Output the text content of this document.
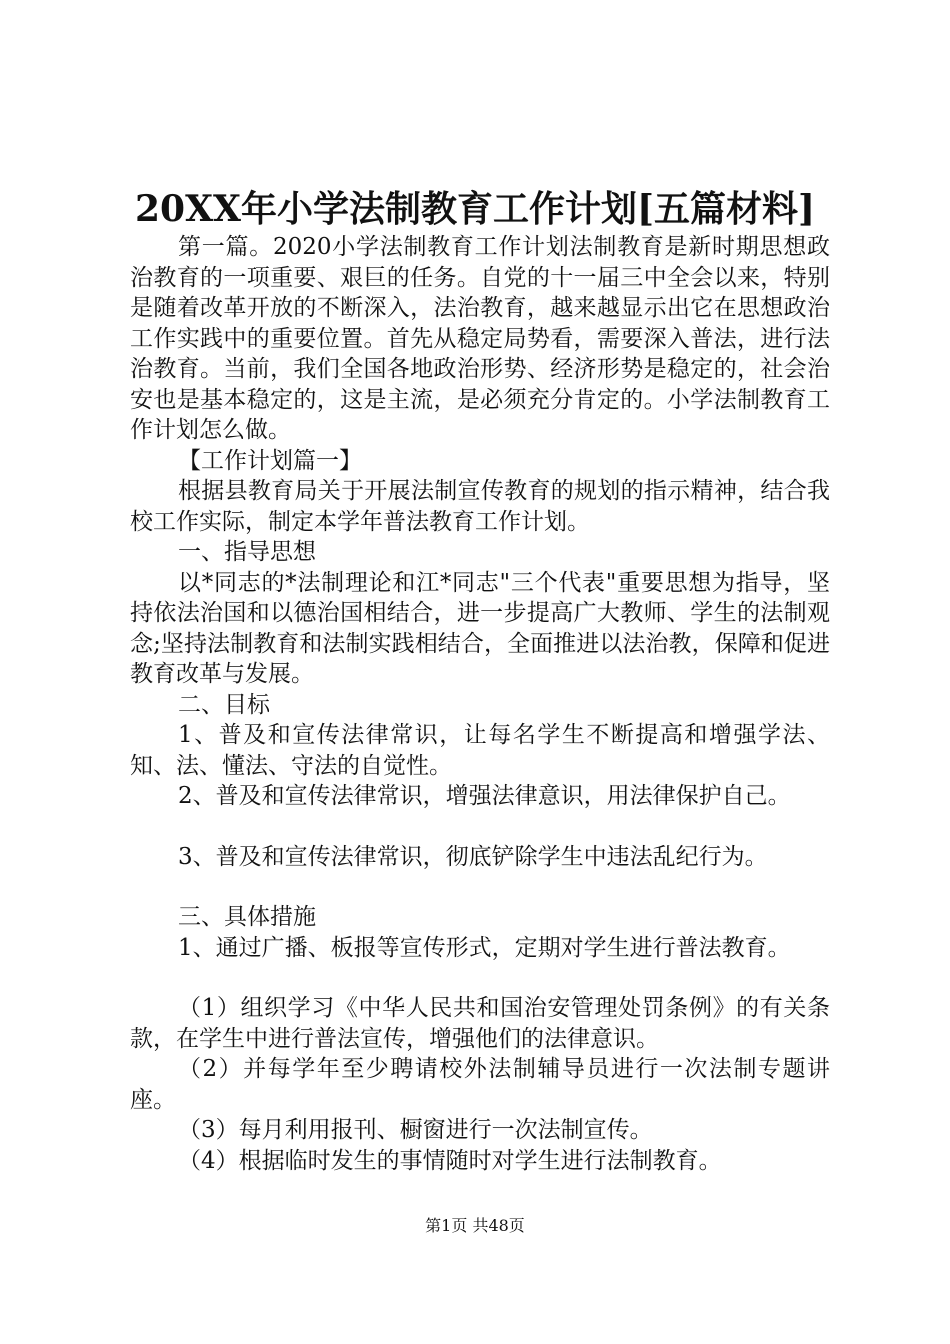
20XX年小学法制教育工作计划[五篇材料]

第一篇。2020小学法制教育工作计划法制教育是新时期思想政治教育的一项重要、艰巨的任务。自党的十一届三中全会以来，特别是随着改革开放的不断深入，法治教育，越来越显示出它在思想政治工作实践中的重要位置。首先从稳定局势看，需要深入普法，进行法治教育。当前，我们全国各地政治形势、经济形势是稳定的，社会治安也是基本稳定的，这是主流，是必须充分肯定的。小学法制教育工作计划怎么做。

【工作计划篇一】

根据县教育局关于开展法制宣传教育的规划的指示精神，结合我校工作实际，制定本学年普法教育工作计划。

一、指导思想

以*同志的*法制理论和江*同志"三个代表"重要思想为指导，坚持依法治国和以德治国相结合，进一步提高广大教师、学生的法制观念;坚持法制教育和法制实践相结合，全面推进以法治教，保障和促进教育改革与发展。

二、目标

1、普及和宣传法律常识，让每名学生不断提高和增强学法、知、法、懂法、守法的自觉性。

2、普及和宣传法律常识，增强法律意识，用法律保护自己。

3、普及和宣传法律常识，彻底铲除学生中违法乱纪行为。

三、具体措施

1、通过广播、板报等宣传形式，定期对学生进行普法教育。

（1）组织学习《中华人民共和国治安管理处罚条例》的有关条款，在学生中进行普法宣传，增强他们的法律意识。

（2）并每学年至少聘请校外法制辅导员进行一次法制专题讲座。

（3）每月利用报刊、橱窗进行一次法制宣传。

（4）根据临时发生的事情随时对学生进行法制教育。

第1页 共48页
